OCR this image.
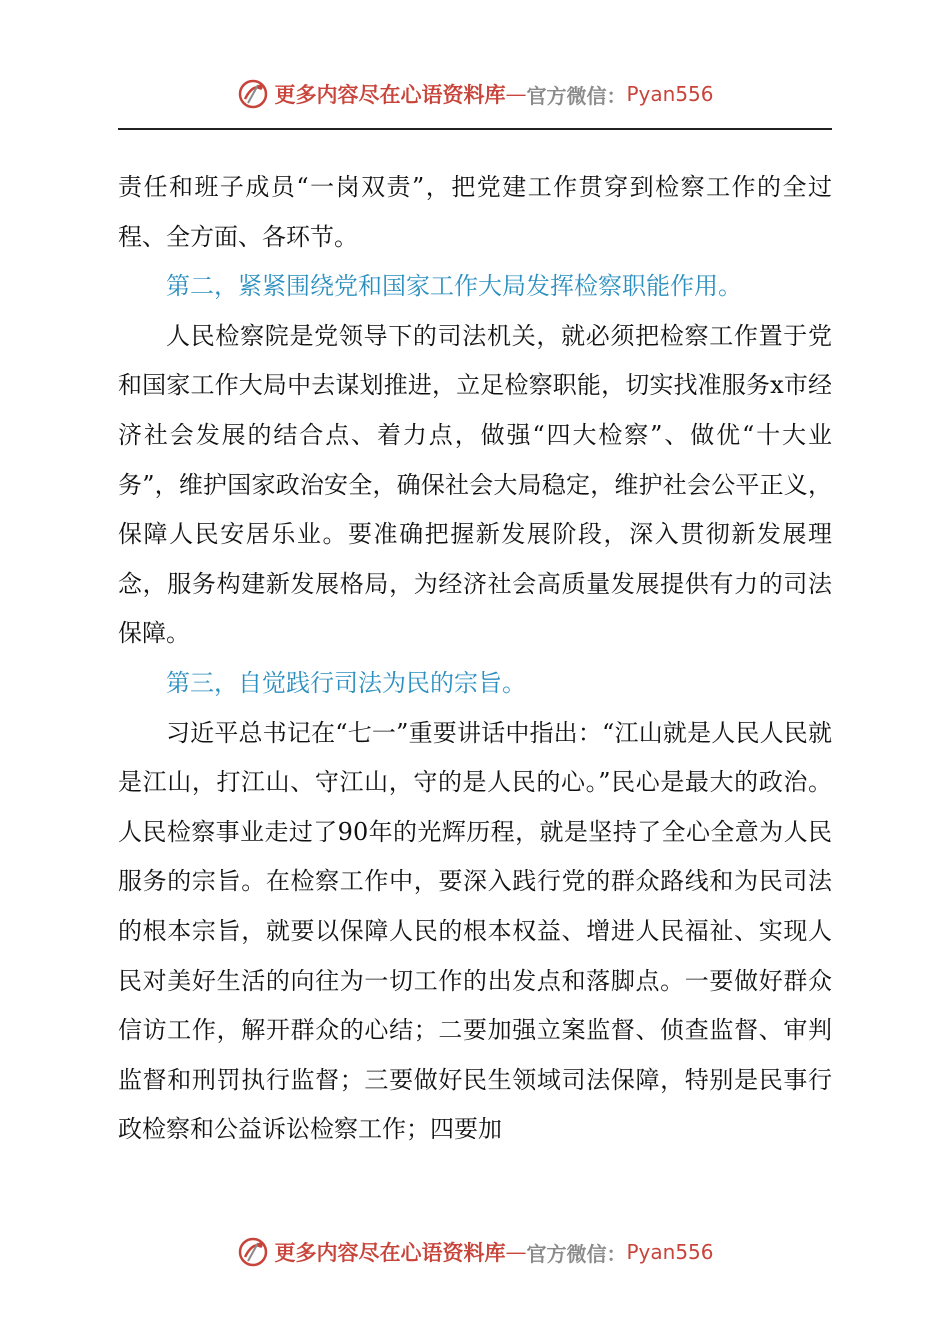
更多内容尽在心语资料库 — 官方微信： Pyan556

责任和班子成员“一岗双责”，把党建工作贯穿到检察工作的全过程、全方面、各环节。

第二，紧紧围绕党和国家工作大局发挥检察职能作用。

人民检察院是党领导下的司法机关，就必须把检察工作置于党和国家工作大局中去谋划推进，立足检察职能，切实找准服务x市经济社会发展的结合点、着力点，做强“四大检察”、做优“十大业务”，维护国家政治安全，确保社会大局稳定，维护社会公平正义，保障人民安居乐业。要准确把握新发展阶段，深入贯彻新发展理念，服务构建新发展格局，为经济社会高质量发展提供有力的司法保障。

第三，自觉践行司法为民的宗旨。

习近平总书记在“七一”重要讲话中指出：“江山就是人民人民就是江山，打江山、守江山，守的是人民的心。”民心是最大的政治。人民检察事业走过了90年的光辉历程，就是坚持了全心全意为人民服务的宗旨。在检察工作中，要深入践行党的群众路线和为民司法的根本宗旨，就要以保障人民的根本权益、增进人民福祉、实现人民对美好生活的向往为一切工作的出发点和落脚点。一要做好群众信访工作，解开群众的心结；二要加强立案监督、侦查监督、审判监督和刑罚执行监督；三要做好民生领域司法保障，特别是民事行政检察和公益诉讼检察工作；四要加

更多内容尽在心语资料库 — 官方微信： Pyan556
